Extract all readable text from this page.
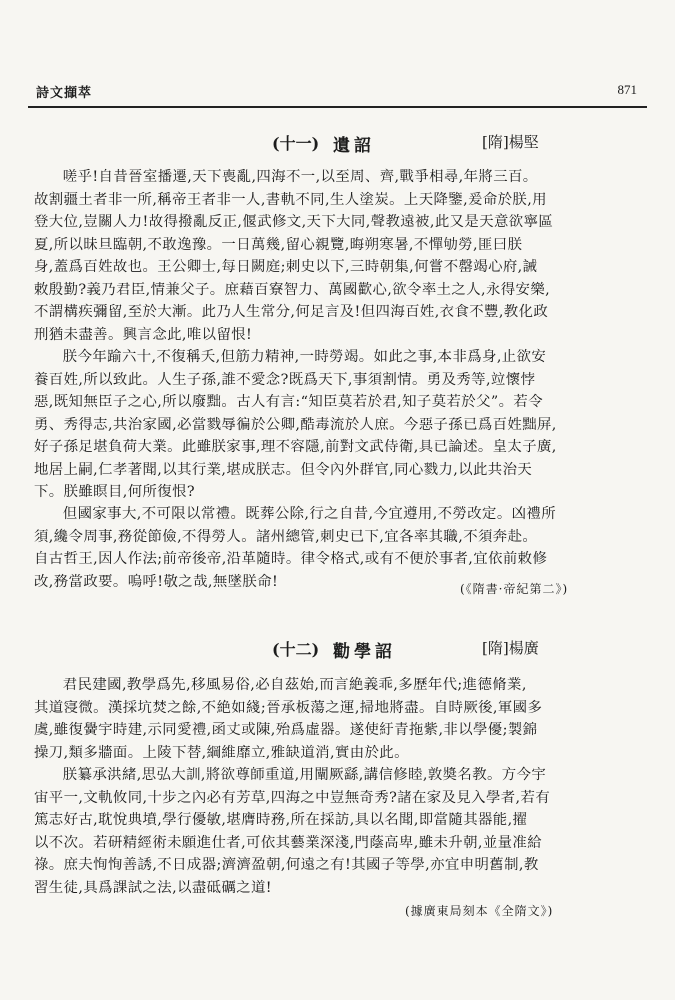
詩文擷萃	871
(十一) 遺詔	[隋]楊堅
嗟乎!自昔晉室播遷,天下喪亂,四海不一,以至周、齊,戰爭相尋,年將三百。
故割疆土者非一所,稱帝王者非一人,書軌不同,生人塗炭。上天降鑒,爰命於朕,用
登大位,豈關人力!故得撥亂反正,偃武修文,天下大同,聲教遠被,此又是天意欲寧區
夏,所以昧旦臨朝,不敢逸豫。一日萬幾,留心親覽,晦朔寒暑,不憚劬勞,匪曰朕
身,蓋爲百姓故也。王公卿士,每日闕庭;刺史以下,三時朝集,何嘗不罄竭心府,誡
敕殷勤?義乃君臣,情兼父子。庶藉百寮智力、萬國歡心,欲令率土之人,永得安樂,
不謂構疾彌留,至於大漸。此乃人生常分,何足言及!但四海百姓,衣食不豐,教化政
刑猶未盡善。興言念此,唯以留恨!
朕今年踰六十,不復稱夭,但筋力精神,一時勞竭。如此之事,本非爲身,止欲安
養百姓,所以致此。人生子孫,誰不愛念?既爲天下,事須割情。勇及秀等,竝懷悖
惡,既知無臣子之心,所以廢黜。古人有言:“知臣莫若於君,知子莫若於父”。若令
勇、秀得志,共治家國,必當戮辱徧於公卿,酷毒流於人庶。今惡子孫已爲百姓黜屏,
好子孫足堪負荷大業。此雖朕家事,理不容隱,前對文武侍衛,具已論述。皇太子廣,
地居上嗣,仁孝著聞,以其行業,堪成朕志。但令內外群官,同心戮力,以此共治天
下。朕雖瞑目,何所復恨?
但國家事大,不可限以常禮。既葬公除,行之自昔,今宜遵用,不勞改定。凶禮所
須,纔令周事,務從節儉,不得勞人。諸州總管,刺史已下,宜各率其職,不須奔赴。
自古哲王,因人作法;前帝後帝,沿革隨時。律令格式,或有不便於事者,宜依前敕修
改,務當政要。嗚呼!敬之哉,無墜朕命!	(《隋書·帝紀第二》)
(十二) 勸學詔	[隋]楊廣
君民建國,教學爲先,移風易俗,必自茲始,而言絶義乖,多歷年代;進德脩業,
其道寖微。漢採坑焚之餘,不絶如綫;晉承板蕩之運,掃地將盡。自時厥後,軍國多
虞,雖復黌宇時建,示同愛禮,函丈或陳,殆爲虛器。遂使紆青拖紫,非以學優;製錦
操刀,類多牆面。上陵下替,綱維靡立,雅缺道消,實由於此。
朕纂承洪緒,思弘大訓,將欲尊師重道,用闡厥繇,講信修睦,敦奬名教。方今宇
宙平一,文軌攸同,十步之內必有芳草,四海之中豈無奇秀?諸在家及見入學者,若有
篤志好古,耽悅典墳,學行優敏,堪膺時務,所在採訪,具以名聞,即當隨其器能,擢
以不次。若研精經術未願進仕者,可依其藝業深淺,門蔭高卑,雖未升朝,並量准給
祿。庶夫恂恂善誘,不日成器;濟濟盈朝,何遠之有!其國子等學,亦宜申明舊制,教
習生徒,具爲課試之法,以盡砥礪之道!
(據廣東局刻本《全隋文》)
